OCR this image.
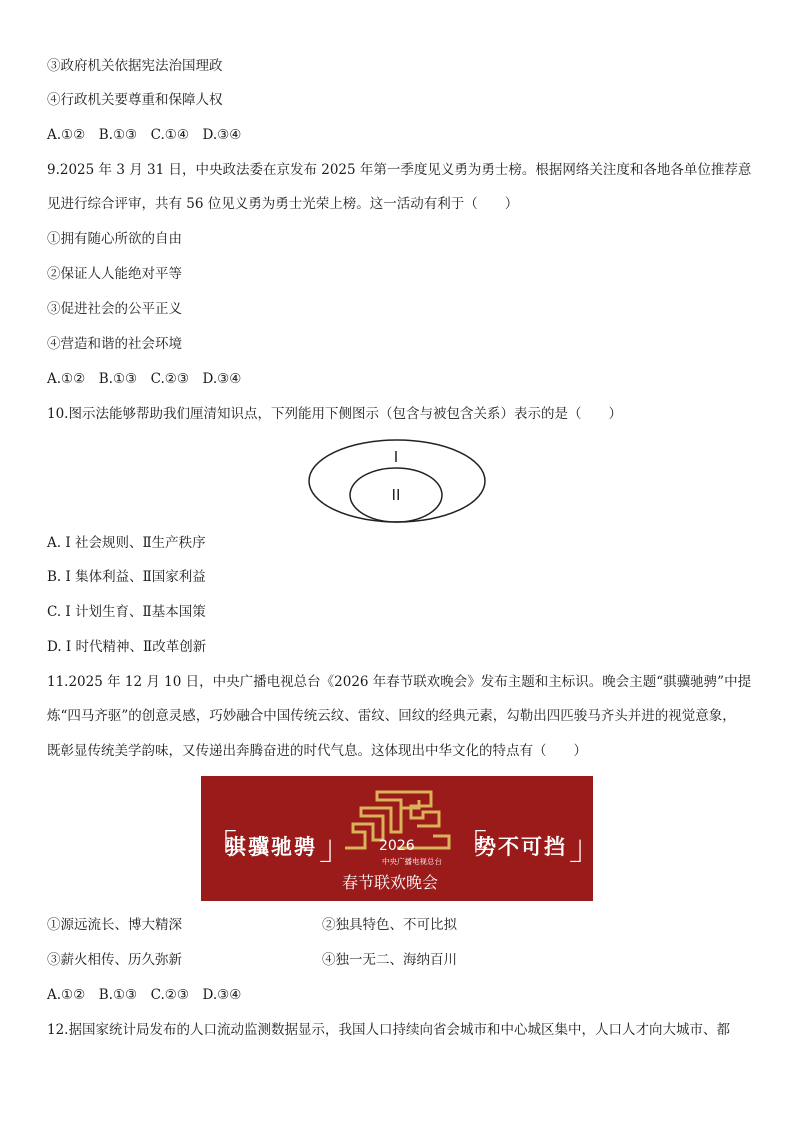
③政府机关依据宪法治国理政
④行政机关要尊重和保障人权
A.①②　B.①③　C.①④　D.③④
9.2025 年 3 月 31 日，中央政法委在京发布 2025 年第一季度见义勇为勇士榜。根据网络关注度和各地各单位推荐意
见进行综合评审，共有 56 位见义勇为勇士光荣上榜。这一活动有利于（　　）
①拥有随心所欲的自由
②保证人人能绝对平等
③促进社会的公平正义
④营造和谐的社会环境
A.①②　B.①③　C.②③　D.③④
10.图示法能够帮助我们厘清知识点，下列能用下侧图示（包含与被包含关系）表示的是（　　）
I
II
A. I 社会规则、Ⅱ生产秩序
B. I 集体利益、Ⅱ国家利益
C. I 计划生育、Ⅱ基本国策
D. I 时代精神、Ⅱ改革创新
11.2025 年 12 月 10 日，中央广播电视总台《2026 年春节联欢晚会》发布主题和主标识。晚会主题“骐骥驰骋”中提
炼“四马齐驱”的创意灵感，巧妙融合中国传统云纹、雷纹、回纹的经典元素，勾勒出四匹骏马齐头并进的视觉意象，
既彰显传统美学韵味，又传递出奔腾奋进的时代气息。这体现出中华文化的特点有（　　）
「
骐骥驰骋 」 2026
中央广播电视总台
春节联欢晚会
「
势不可挡 」
①源远流长、博大精深	②独具特色、不可比拟
③薪火相传、历久弥新	④独一无二、海纳百川
A.①②　B.①③　C.②③　D.③④
12.据国家统计局发布的人口流动监测数据显示，我国人口持续向省会城市和中心城区集中，人口人才向大城市、都
